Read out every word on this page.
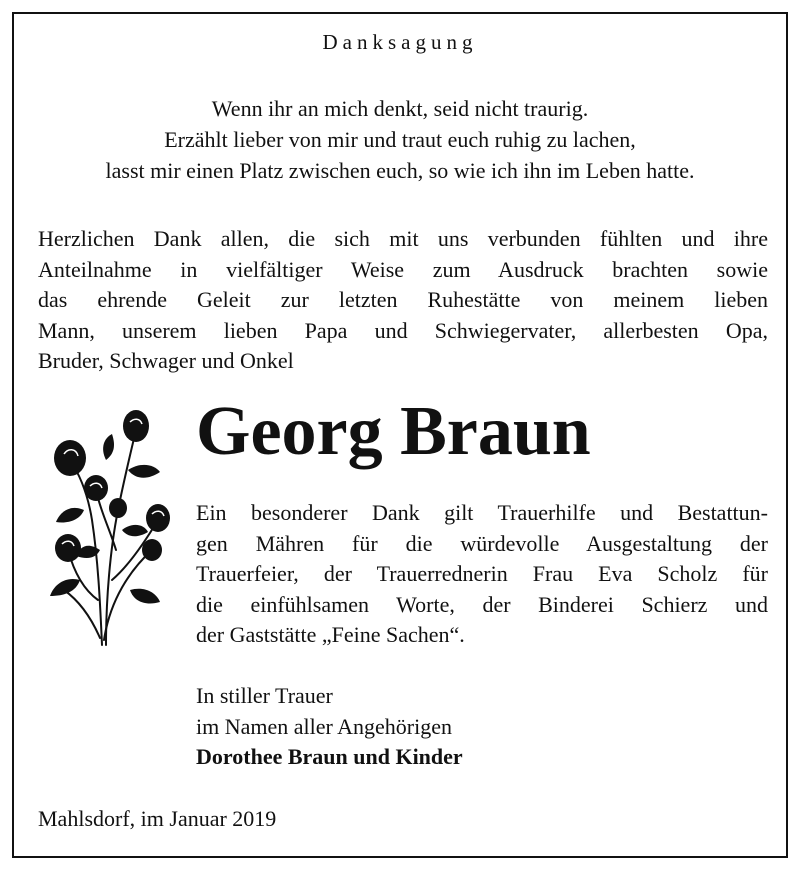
Danksagung
Wenn ihr an mich denkt, seid nicht traurig.
Erzählt lieber von mir und traut euch ruhig zu lachen,
lasst mir einen Platz zwischen euch, so wie ich ihn im Leben hatte.
Herzlichen Dank allen, die sich mit uns verbunden fühlten und ihre
Anteilnahme in vielfältiger Weise zum Ausdruck brachten sowie
das ehrende Geleit zur letzten Ruhestätte von meinem lieben
Mann, unserem lieben Papa und Schwiegervater, allerbesten Opa,
Bruder, Schwager und Onkel
Georg Braun
Ein besonderer Dank gilt Trauerhilfe und Bestattun-
gen Mähren für die würdevolle Ausgestaltung der
Trauerfeier, der Trauerrednerin Frau Eva Scholz für
die einfühlsamen Worte, der Binderei Schierz und
der Gaststätte „Feine Sachen“.
In stiller Trauer
im Namen aller Angehörigen
Dorothee Braun und Kinder
Mahlsdorf, im Januar 2019
